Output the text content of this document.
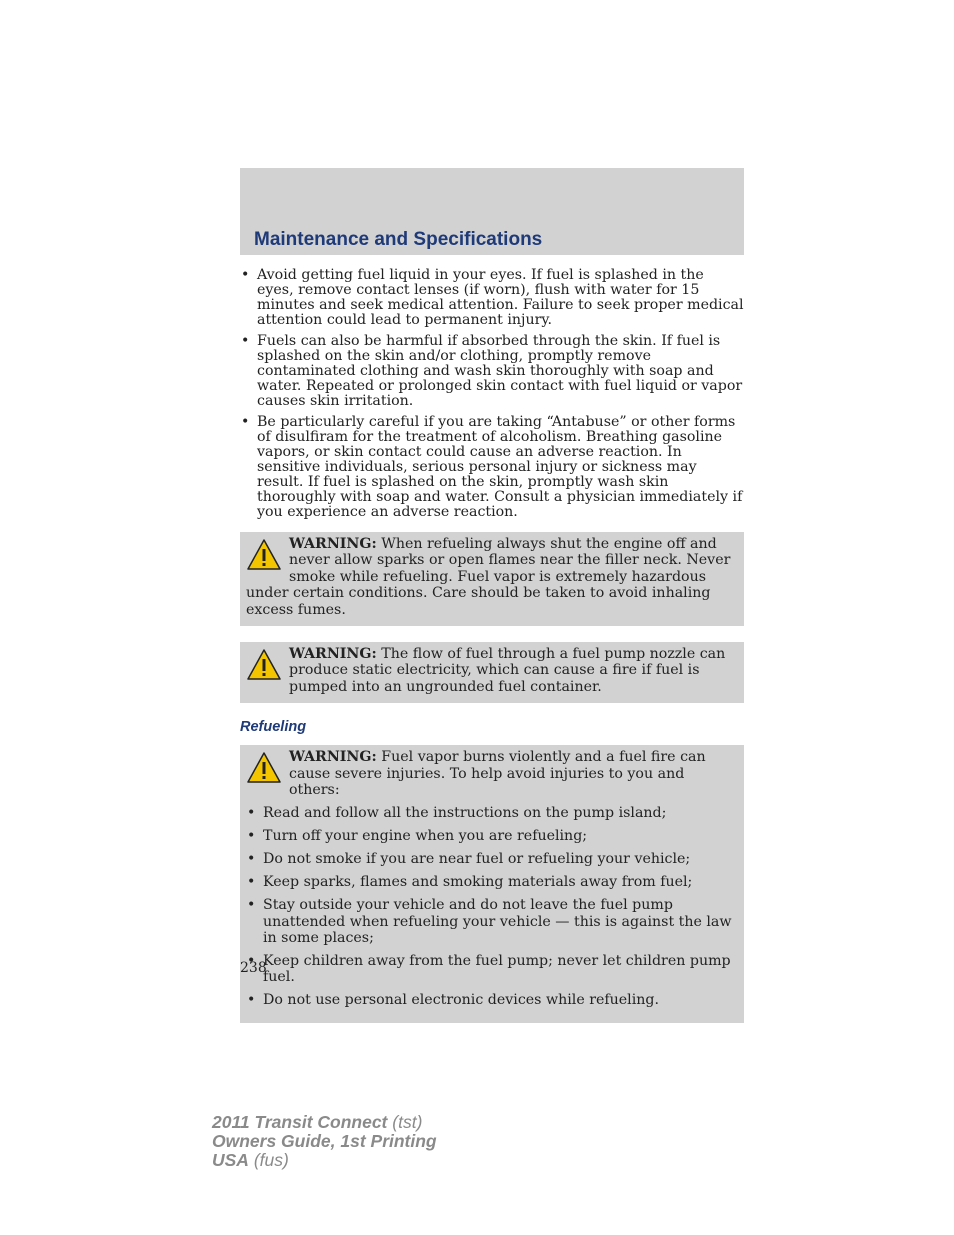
Maintenance and Specifications
• Avoid getting fuel liquid in your eyes. If fuel is splashed in the eyes, remove contact lenses (if worn), flush with water for 15 minutes and seek medical attention. Failure to seek proper medical attention could lead to permanent injury.
• Fuels can also be harmful if absorbed through the skin. If fuel is splashed on the skin and/or clothing, promptly remove contaminated clothing and wash skin thoroughly with soap and water. Repeated or prolonged skin contact with fuel liquid or vapor causes skin irritation.
• Be particularly careful if you are taking “Antabuse” or other forms of disulfiram for the treatment of alcoholism. Breathing gasoline vapors, or skin contact could cause an adverse reaction. In sensitive individuals, serious personal injury or sickness may result. If fuel is splashed on the skin, promptly wash skin thoroughly with soap and water. Consult a physician immediately if you experience an adverse reaction.

WARNING: When refueling always shut the engine off and never allow sparks or open flames near the filler neck. Never smoke while refueling. Fuel vapor is extremely hazardous under certain conditions. Care should be taken to avoid inhaling excess fumes.

WARNING: The flow of fuel through a fuel pump nozzle can produce static electricity, which can cause a fire if fuel is pumped into an ungrounded fuel container.

Refueling

WARNING: Fuel vapor burns violently and a fuel fire can cause severe injuries. To help avoid injuries to you and others:

• Read and follow all the instructions on the pump island;
• Turn off your engine when you are refueling;
• Do not smoke if you are near fuel or refueling your vehicle;
• Keep sparks, flames and smoking materials away from fuel;
• Stay outside your vehicle and do not leave the fuel pump unattended when refueling your vehicle — this is against the law in some places;
• Keep children away from the fuel pump; never let children pump fuel.
• Do not use personal electronic devices while refueling.
238
2011 Transit Connect (tst)
Owners Guide, 1st Printing
USA (fus)
